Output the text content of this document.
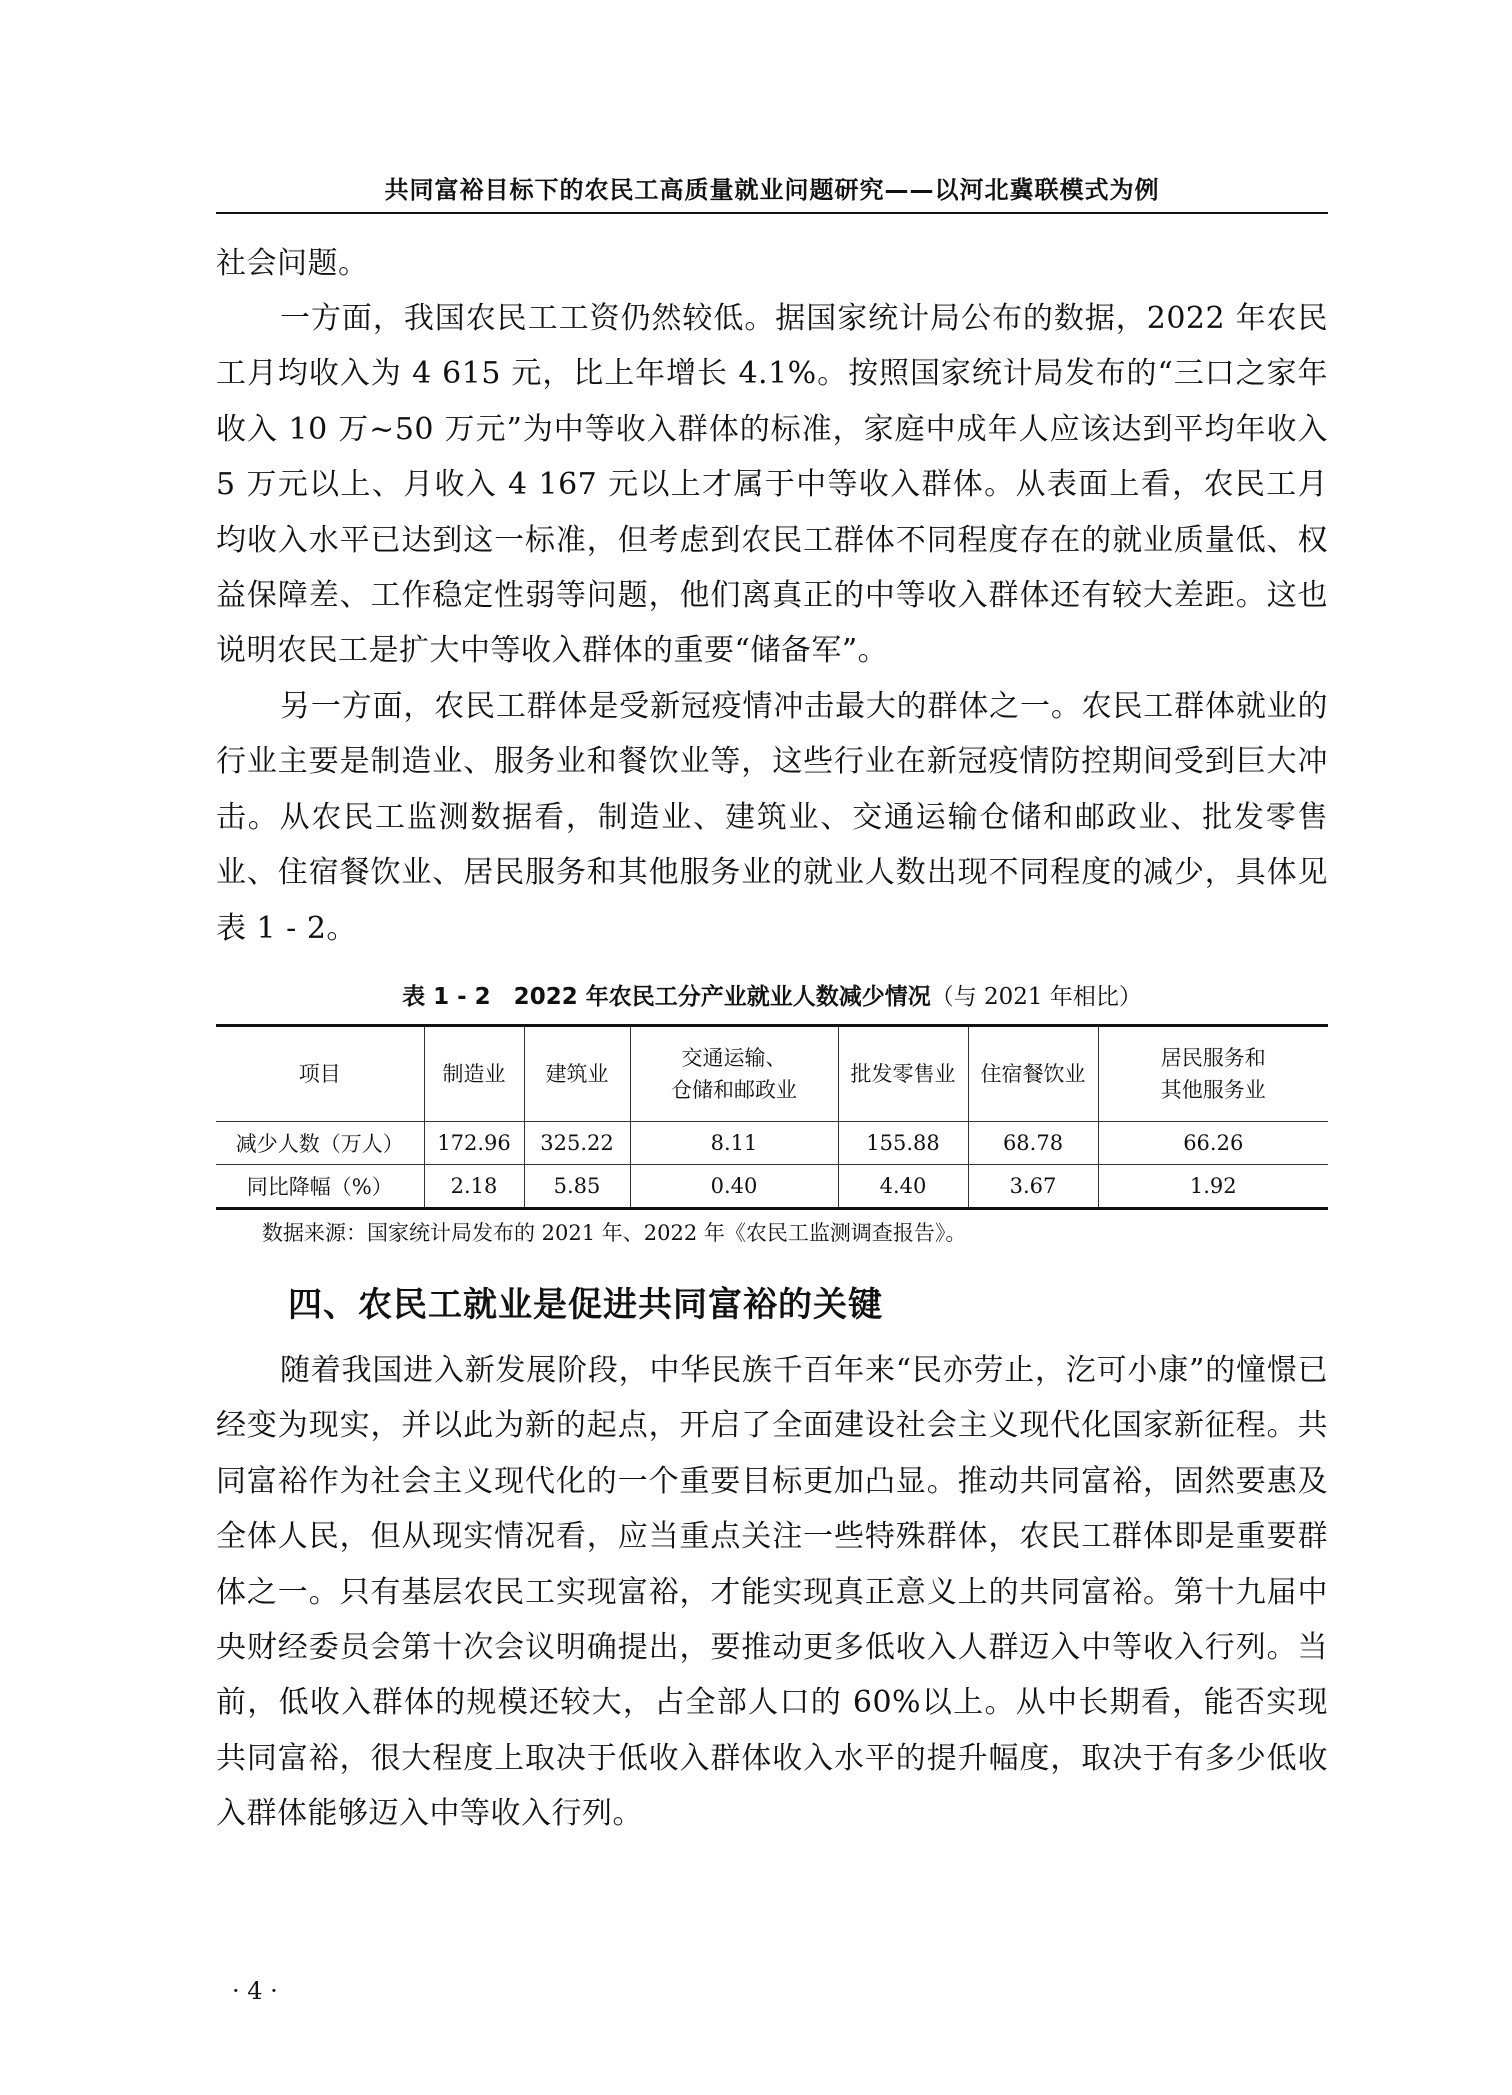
共同富裕目标下的农民工高质量就业问题研究——以河北冀联模式为例

社会问题。

一方面，我国农民工工资仍然较低。据国家统计局公布的数据，2022 年农民工月均收入为 4 615 元，比上年增长 4.1%。按照国家统计局发布的“三口之家年收入 10 万~50 万元”为中等收入群体的标准，家庭中成年人应该达到平均年收入 5 万元以上、月收入 4 167 元以上才属于中等收入群体。从表面上看，农民工月均收入水平已达到这一标准，但考虑到农民工群体不同程度存在的就业质量低、权益保障差、工作稳定性弱等问题，他们离真正的中等收入群体还有较大差距。这也说明农民工是扩大中等收入群体的重要“储备军”。

另一方面，农民工群体是受新冠疫情冲击最大的群体之一。农民工群体就业的行业主要是制造业、服务业和餐饮业等，这些行业在新冠疫情防控期间受到巨大冲击。从农民工监测数据看，制造业、建筑业、交通运输仓储和邮政业、批发零售业、住宿餐饮业、居民服务和其他服务业的就业人数出现不同程度的减少，具体见表 1 - 2。

表 1 - 2　2022 年农民工分产业就业人数减少情况（与 2021 年相比）
项目	制造业	建筑业	交通运输、
仓储和邮政业	批发零售业	住宿餐饮业	居民服务和
其他服务业
减少人数（万人）	172.96	325.22	8.11	155.88	68.78	66.26
同比降幅（%）	2.18	5.85	0.40	4.40	3.67	1.92
数据来源：国家统计局发布的 2021 年、2022 年《农民工监测调查报告》。
四、农民工就业是促进共同富裕的关键

随着我国进入新发展阶段，中华民族千百年来“民亦劳止，汔可小康”的憧憬已经变为现实，并以此为新的起点，开启了全面建设社会主义现代化国家新征程。共同富裕作为社会主义现代化的一个重要目标更加凸显。推动共同富裕，固然要惠及全体人民，但从现实情况看，应当重点关注一些特殊群体，农民工群体即是重要群体之一。只有基层农民工实现富裕，才能实现真正意义上的共同富裕。第十九届中央财经委员会第十次会议明确提出，要推动更多低收入人群迈入中等收入行列。当前，低收入群体的规模还较大，占全部人口的 60%以上。从中长期看，能否实现共同富裕，很大程度上取决于低收入群体收入水平的提升幅度，取决于有多少低收入群体能够迈入中等收入行列。

· 4 ·
